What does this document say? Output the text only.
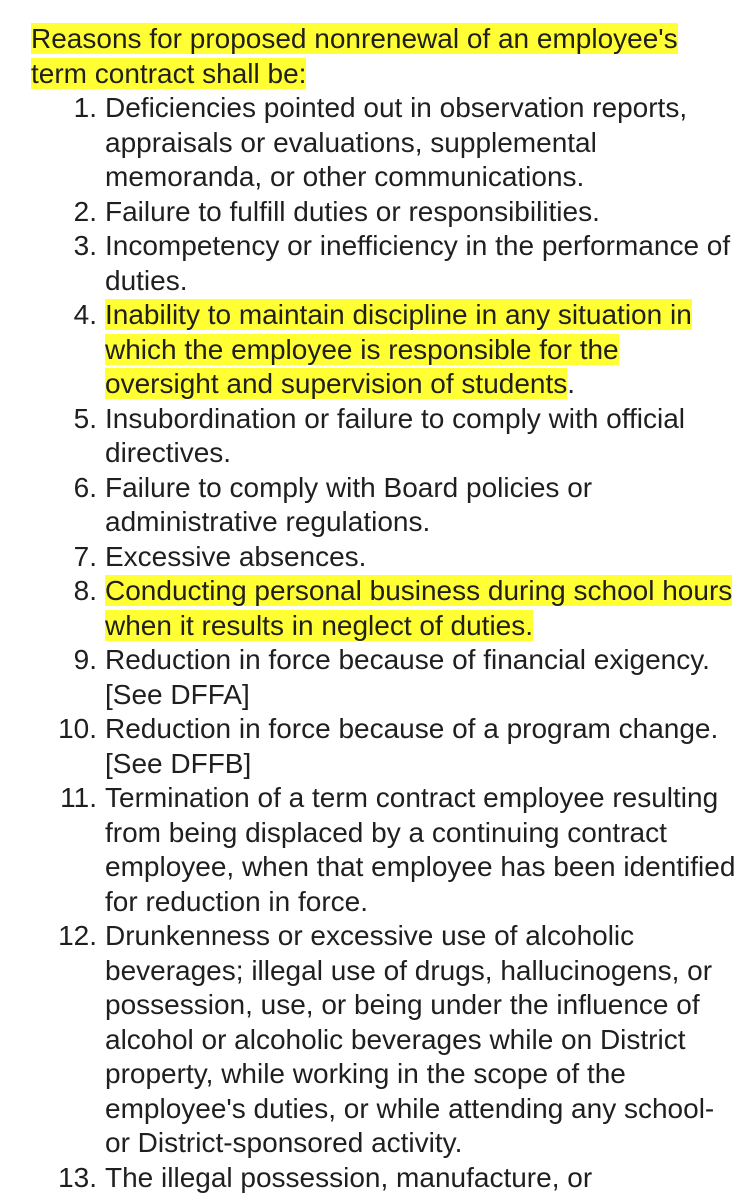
Reasons for proposed nonrenewal of an employee's term contract shall be:

1. Deficiencies pointed out in observation reports, appraisals or evaluations, supplemental memoranda, or other communications.
2. Failure to fulfill duties or responsibilities.
3. Incompetency or inefficiency in the performance of duties.
4. Inability to maintain discipline in any situation in which the employee is responsible for the oversight and supervision of students.
5. Insubordination or failure to comply with official directives.
6. Failure to comply with Board policies or administrative regulations.
7. Excessive absences.
8. Conducting personal business during school hours when it results in neglect of duties.
9. Reduction in force because of financial exigency. [See DFFA]
10. Reduction in force because of a program change. [See DFFB]
11. Termination of a term contract employee resulting from being displaced by a continuing contract employee, when that employee has been identified for reduction in force.
12. Drunkenness or excessive use of alcoholic beverages; illegal use of drugs, hallucinogens, or possession, use, or being under the influence of alcohol or alcoholic beverages while on District property, while working in the scope of the employee's duties, or while attending any school- or District-sponsored activity.
13. The illegal possession, manufacture, or
